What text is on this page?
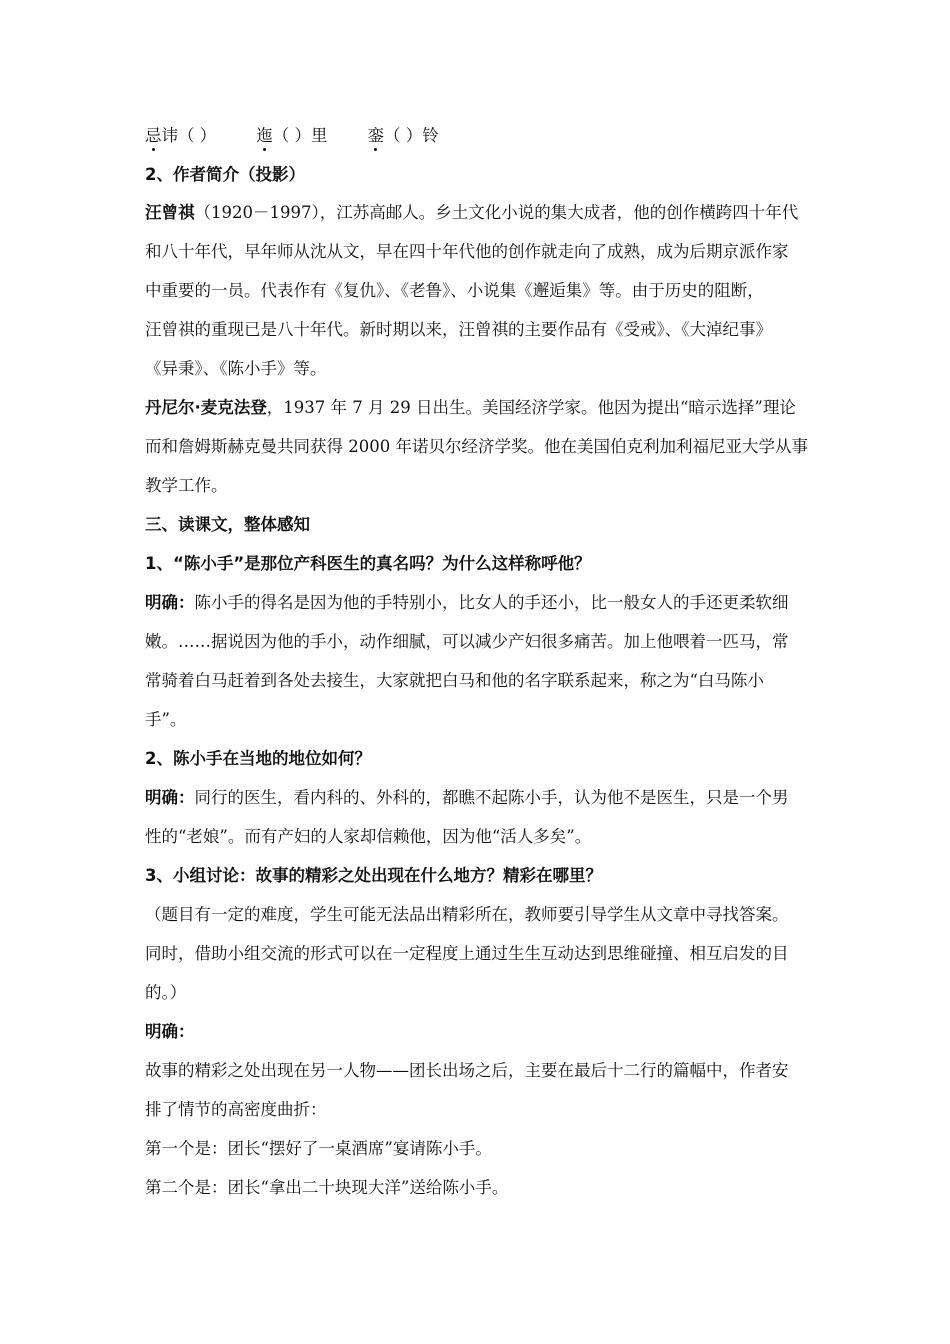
忌讳（ ） 迤（ ）里 銮（ ）铃
2、作者简介（投影）
汪曾祺（1920－1997），江苏高邮人。乡土文化小说的集大成者，他的创作横跨四十年代
和八十年代，早年师从沈从文，早在四十年代他的创作就走向了成熟，成为后期京派作家
中重要的一员。代表作有《复仇》、《老鲁》、小说集《邂逅集》等。由于历史的阻断，
汪曾祺的重现已是八十年代。新时期以来，汪曾祺的主要作品有《受戒》、《大淖纪事》
《异秉》、《陈小手》等。
丹尼尔·麦克法登，1937 年 7 月 29 日出生。美国经济学家。他因为提出“暗示选择”理论
而和詹姆斯赫克曼共同获得 2000 年诺贝尔经济学奖。他在美国伯克利加利福尼亚大学从事
教学工作。
三、读课文，整体感知
1、“陈小手”是那位产科医生的真名吗？为什么这样称呼他？
明确：陈小手的得名是因为他的手特别小，比女人的手还小，比一般女人的手还更柔软细
嫩。……据说因为他的手小，动作细腻，可以减少产妇很多痛苦。加上他喂着一匹马，常
常骑着白马赶着到各处去接生，大家就把白马和他的名字联系起来，称之为“白马陈小
手”。
2、陈小手在当地的地位如何？
明确：同行的医生，看内科的、外科的，都瞧不起陈小手，认为他不是医生，只是一个男
性的“老娘”。而有产妇的人家却信赖他，因为他“活人多矣”。
3、小组讨论：故事的精彩之处出现在什么地方？精彩在哪里？
（题目有一定的难度，学生可能无法品出精彩所在，教师要引导学生从文章中寻找答案。
同时，借助小组交流的形式可以在一定程度上通过生生互动达到思维碰撞、相互启发的目
的。）
明确：
故事的精彩之处出现在另一人物——团长出场之后，主要在最后十二行的篇幅中，作者安
排了情节的高密度曲折：
第一个是：团长“摆好了一桌酒席”宴请陈小手。
第二个是：团长“拿出二十块现大洋”送给陈小手。
